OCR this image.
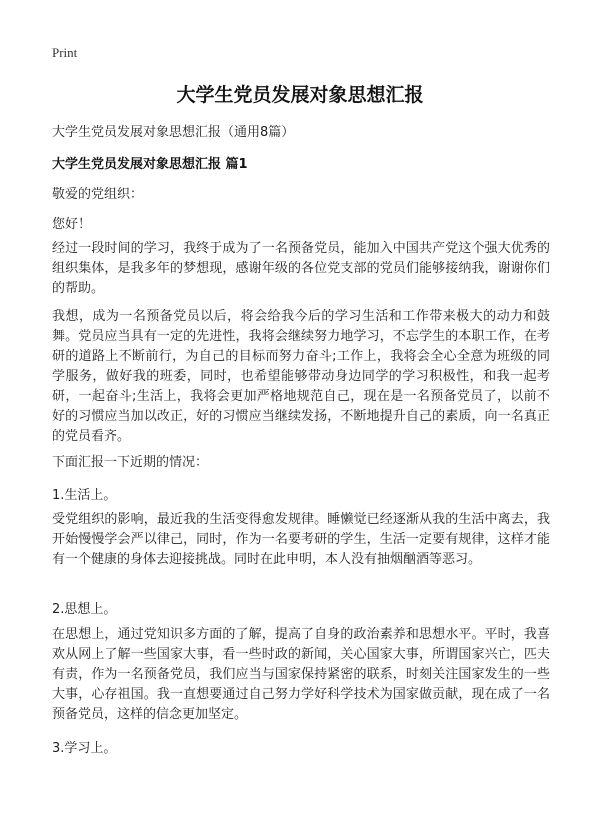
Print
大学生党员发展对象思想汇报
大学生党员发展对象思想汇报（通用8篇）
大学生党员发展对象思想汇报 篇1
敬爱的党组织：
您好！
经过一段时间的学习，我终于成为了一名预备党员，能加入中国共产党这个强大优秀的组织集体，是我多年的梦想现，感谢年级的各位党支部的党员们能够接纳我，谢谢你们的帮助。
我想，成为一名预备党员以后，将会给我今后的学习生活和工作带来极大的动力和鼓舞。党员应当具有一定的先进性，我将会继续努力地学习，不忘学生的本职工作，在考研的道路上不断前行，为自己的目标而努力奋斗;工作上，我将会全心全意为班级的同学服务，做好我的班委，同时，也希望能够带动身边同学的学习积极性，和我一起考研，一起奋斗;生活上，我将会更加严格地规范自己，现在是一名预备党员了，以前不好的习惯应当加以改正，好的习惯应当继续发扬，不断地提升自己的素质，向一名真正的党员看齐。
下面汇报一下近期的情况：
1.生活上。
受党组织的影响，最近我的生活变得愈发规律。睡懒觉已经逐渐从我的生活中离去，我开始慢慢学会严以律己，同时，作为一名要考研的学生，生活一定要有规律，这样才能有一个健康的身体去迎接挑战。同时在此申明，本人没有抽烟酗酒等恶习。
2.思想上。
在思想上，通过党知识多方面的了解，提高了自身的政治素养和思想水平。平时，我喜欢从网上了解一些国家大事，看一些时政的新闻，关心国家大事，所谓国家兴亡，匹夫有责，作为一名预备党员，我们应当与国家保持紧密的联系，时刻关注国家发生的一些大事，心存祖国。我一直想要通过自己努力学好科学技术为国家做贡献，现在成了一名预备党员，这样的信念更加坚定。
3.学习上。
